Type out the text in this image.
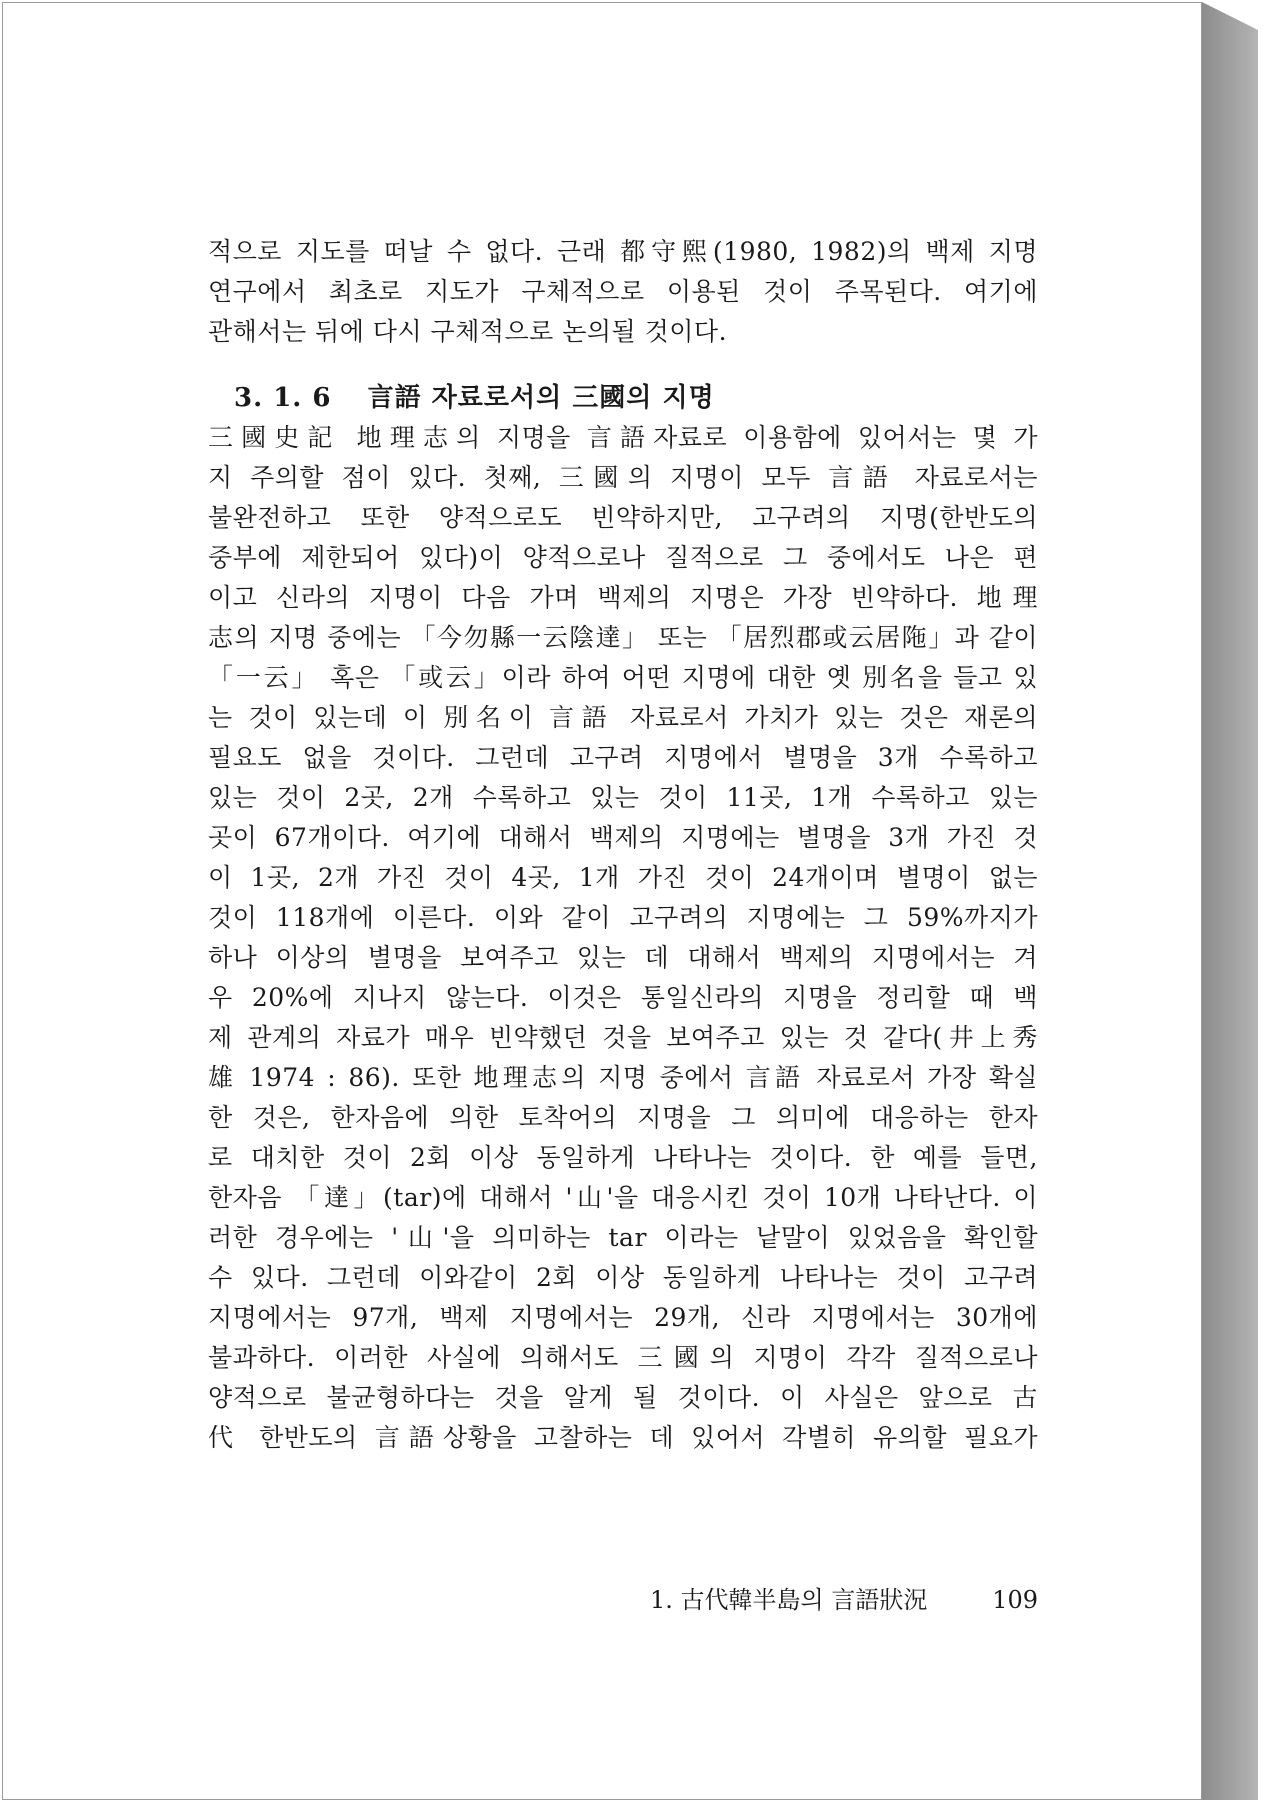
적으로 지도를 떠날 수 없다. 근래 都守熙(1980, 1982)의 백제 지명
연구에서 최초로 지도가 구체적으로 이용된 것이 주목된다. 여기에
관해서는 뒤에 다시 구체적으로 논의될 것이다.
3. 1. 6 言語 자료로서의 三國의 지명
三國史記 地理志의 지명을 言語자료로 이용함에 있어서는 몇 가
지 주의할 점이 있다. 첫째, 三國의 지명이 모두 言語 자료로서는
불완전하고 또한 양적으로도 빈약하지만, 고구려의 지명(한반도의
중부에 제한되어 있다)이 양적으로나 질적으로 그 중에서도 나은 편
이고 신라의 지명이 다음 가며 백제의 지명은 가장 빈약하다. 地理
志의 지명 중에는 「今勿縣一云陰達」 또는 「居烈郡或云居陁」과 같이
「一云」 혹은 「或云」이라 하여 어떤 지명에 대한 옛 別名을 들고 있
는 것이 있는데 이 別名이 言語 자료로서 가치가 있는 것은 재론의
필요도 없을 것이다. 그런데 고구려 지명에서 별명을 3개 수록하고
있는 것이 2곳, 2개 수록하고 있는 것이 11곳, 1개 수록하고 있는
곳이 67개이다. 여기에 대해서 백제의 지명에는 별명을 3개 가진 것
이 1곳, 2개 가진 것이 4곳, 1개 가진 것이 24개이며 별명이 없는
것이 118개에 이른다. 이와 같이 고구려의 지명에는 그 59%까지가
하나 이상의 별명을 보여주고 있는 데 대해서 백제의 지명에서는 겨
우 20%에 지나지 않는다. 이것은 통일신라의 지명을 정리할 때 백
제 관계의 자료가 매우 빈약했던 것을 보여주고 있는 것 같다(井上秀
雄 1974 : 86). 또한 地理志의 지명 중에서 言語 자료로서 가장 확실
한 것은, 한자음에 의한 토착어의 지명을 그 의미에 대응하는 한자
로 대치한 것이 2회 이상 동일하게 나타나는 것이다. 한 예를 들면,
한자음 「達」(tar)에 대해서 '山'을 대응시킨 것이 10개 나타난다. 이
러한 경우에는 '山'을 의미하는 tar 이라는 낱말이 있었음을 확인할
수 있다. 그런데 이와같이 2회 이상 동일하게 나타나는 것이 고구려
지명에서는 97개, 백제 지명에서는 29개, 신라 지명에서는 30개에
불과하다. 이러한 사실에 의해서도 三國의 지명이 각각 질적으로나
양적으로 불균형하다는 것을 알게 될 것이다. 이 사실은 앞으로 古
代 한반도의 言語상황을 고찰하는 데 있어서 각별히 유의할 필요가
1. 古代韓半島의 言語狀況	109
